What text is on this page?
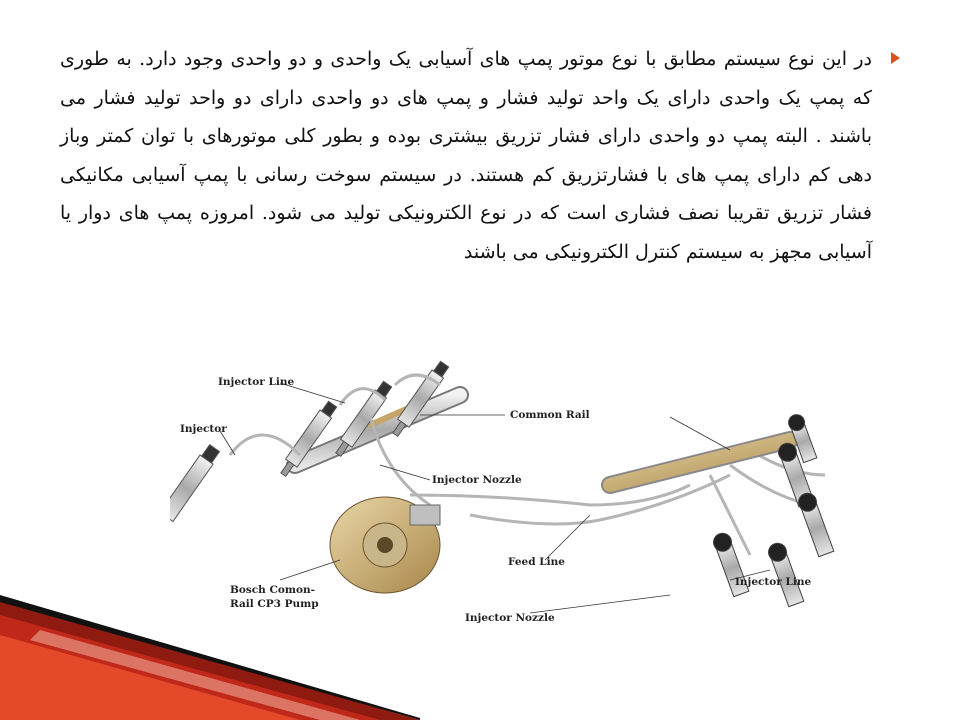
در این نوع سیستم مطابق با نوع موتور پمپ های آسیابی یک واحدی و دو واحدی وجود دارد. به طوری که پمپ یک واحدی دارای یک واحد تولید فشار و پمپ های دو واحدی دارای دو واحد تولید فشار می باشند . البته پمپ دو واحدی دارای فشار تزریق بیشتری بوده و بطور کلی موتورهای با توان کمتر وباز دهی کم دارای پمپ های با فشارتزریق کم هستند. در سیستم سوخت رسانی با پمپ آسیابی مکانیکی فشار تزریق تقریبا نصف فشاری است که در نوع الکترونیکی تولید می شود. امروزه پمپ های دوار یا آسیابی مجهز به سیستم کنترل الکترونیکی می باشند

Injector Line
Injector
Common Rail
Injector Nozzle
Feed Line
Injector Line
Bosch Comon-
Rail CP3 Pump
Injector Nozzle
